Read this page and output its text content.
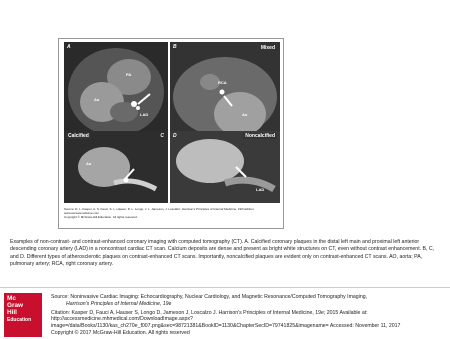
A
PA
Ao
LAD
B	Mixed
RCA
Ao
Calcified	C
Ao
D	Noncalcified
LAD
Source: D. L. Kasper, A. S. Fauci, S. L. Hauser, D. L. Longo, J. L. Jameson, J. Loscalzo: Harrison's Principles of Internal Medicine, 19th Edition.
www.accessmedicine.com
Copyright © McGraw-Hill Education. All rights reserved.
Examples of non-contrast- and contrast-enhanced coronary imaging with computed tomography (CT). A. Calcified coronary plaques in the distal left main and proximal left anterior descending coronary artery (LAD) in a noncontrast cardiac CT scan. Calcium deposits are dense and present as bright white structures on CT, even without contrast enhancement. B, C, and D. Different types of atherosclerotic plaques on contrast-enhanced CT scans. Importantly, noncalcified plaques are evident only on contrast-enhanced CT scans. AO, aorta; PA, pulmonary artery; RCA, right coronary artery.
Mc
Graw
Hill
Education
Source: Noninvasive Cardiac Imaging: Echocardiography, Nuclear Cardiology, and Magnetic Resonance/Computed Tomography Imaging,
Harrison's Principles of Internal Medicine, 19e
Citation: Kasper D, Fauci A, Hauser S, Longo D, Jameson J, Loscalzo J. Harrison's Principles of Internal Medicine, 19e; 2015 Available at: http://accessmedicine.mhmedical.com/DownloadImage.aspx?image=/data/Books/1130/kas_ch270e_f007.png&sec=98721381&BookID=1130&ChapterSecID=79741825&imagename= Accessed: November 11, 2017
Copyright © 2017 McGraw-Hill Education. All rights reserved
